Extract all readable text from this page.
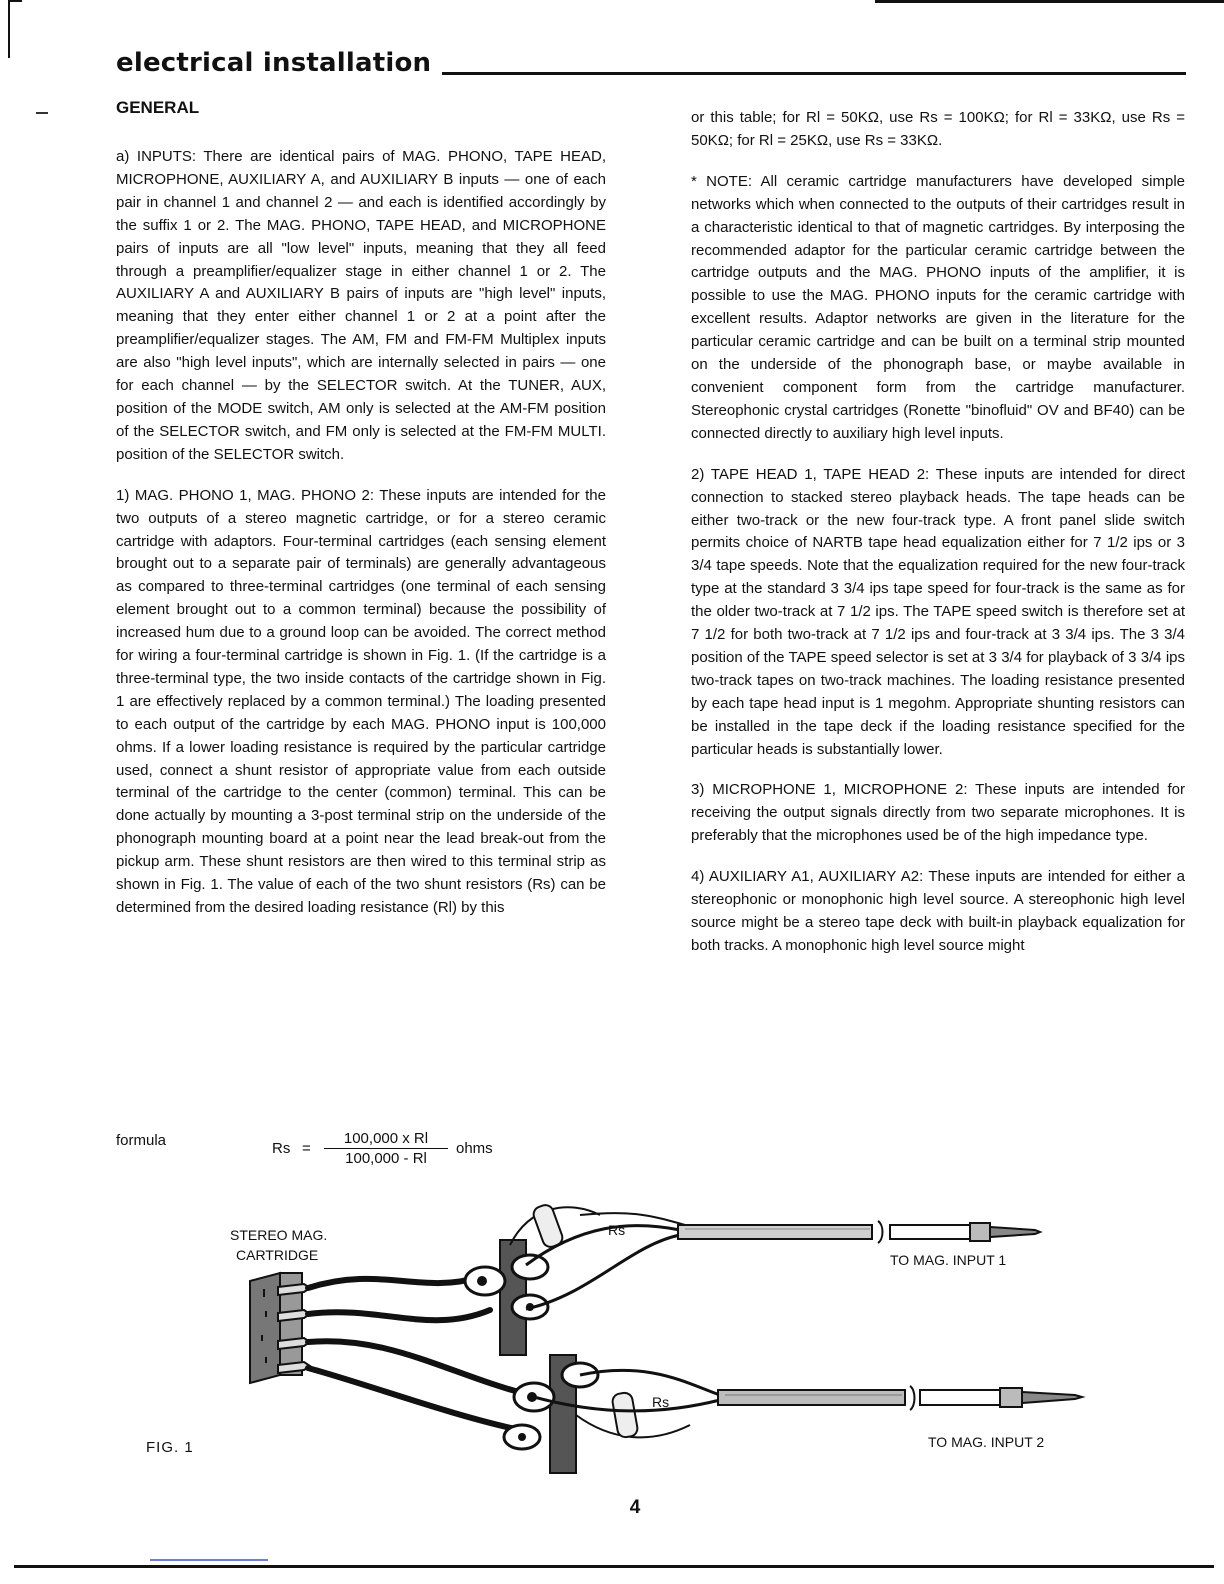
electrical installation
GENERAL

a) INPUTS: There are identical pairs of MAG. PHONO, TAPE HEAD, MICROPHONE, AUXILIARY A, and AUXILIARY B inputs — one of each pair in channel 1 and channel 2 — and each is identified accordingly by the suffix 1 or 2. The MAG. PHONO, TAPE HEAD, and MICROPHONE pairs of inputs are all "low level" inputs, meaning that they all feed through a preamplifier/equalizer stage in either channel 1 or 2. The AUXILIARY A and AUXILIARY B pairs of inputs are "high level" inputs, meaning that they enter either channel 1 or 2 at a point after the preamplifier/equalizer stages. The AM, FM and FM-FM Multiplex inputs are also "high level inputs", which are internally selected in pairs — one for each channel — by the SELECTOR switch. At the TUNER, AUX, position of the MODE switch, AM only is selected at the AM-FM position of the SELECTOR switch, and FM only is selected at the FM-FM MULTI. position of the SELECTOR switch.

1) MAG. PHONO 1, MAG. PHONO 2: These inputs are intended for the two outputs of a stereo magnetic cartridge, or for a stereo ceramic cartridge with adaptors. Four-terminal cartridges (each sensing element brought out to a separate pair of terminals) are generally advantageous as compared to three-terminal cartridges (one terminal of each sensing element brought out to a common terminal) because the possibility of increased hum due to a ground loop can be avoided. The correct method for wiring a four-terminal cartridge is shown in Fig. 1. (If the cartridge is a three-terminal type, the two inside contacts of the cartridge shown in Fig. 1 are effectively replaced by a common terminal.) The loading presented to each output of the cartridge by each MAG. PHONO input is 100,000 ohms. If a lower loading resistance is required by the particular cartridge used, connect a shunt resistor of appropriate value from each outside terminal of the cartridge to the center (common) terminal. This can be done actually by mounting a 3-post terminal strip on the underside of the phonograph mounting board at a point near the lead break-out from the pickup arm. These shunt resistors are then wired to this terminal strip as shown in Fig. 1. The value of each of the two shunt resistors (Rs) can be determined from the desired loading resistance (Rl) by this

formula	$Rs = \frac{\text{100,000 x Rl}}{100,000 - Rl}$ ohms

or this table; for Rl = 50KΩ, use Rs = 100KΩ; for Rl = 33KΩ, use Rs = 50KΩ; for Rl = 25KΩ, use Rs = 33KΩ.

* NOTE: All ceramic cartridge manufacturers have developed simple networks which when connected to the outputs of their cartridges result in a characteristic identical to that of magnetic cartridges. By interposing the recommended adaptor for the particular ceramic cartridge between the cartridge outputs and the MAG. PHONO inputs of the amplifier, it is possible to use the MAG. PHONO inputs for the ceramic cartridge with excellent results. Adaptor networks are given in the literature for the particular ceramic cartridge and can be built on a terminal strip mounted on the underside of the phonograph base, or maybe available in convenient component form from the cartridge manufacturer. Stereophonic crystal cartridges (Ronette "binofluid" OV and BF40) can be connected directly to auxiliary high level inputs.

2) TAPE HEAD 1, TAPE HEAD 2: These inputs are intended for direct connection to stacked stereo playback heads. The tape heads can be either two-track or the new four-track type. A front panel slide switch permits choice of NARTB tape head equalization either for 7 1/2 ips or 3 3/4 tape speeds. Note that the equalization required for the new four-track type at the standard 3 3/4 ips tape speed for four-track is the same as for the older two-track at 7 1/2 ips. The TAPE speed switch is therefore set at 7 1/2 for both two-track at 7 1/2 ips and four-track at 3 3/4 ips. The 3 3/4 position of the TAPE speed selector is set at 3 3/4 for playback of 3 3/4 ips two-track tapes on two-track machines. The loading resistance presented by each tape head input is 1 megohm. Appropriate shunting resistors can be installed in the tape deck if the loading resistance specified for the particular heads is substantially lower.

3) MICROPHONE 1, MICROPHONE 2: These inputs are intended for receiving the output signals directly from two separate microphones. It is preferably that the microphones used be of the high impedance type.

4) AUXILIARY A1, AUXILIARY A2: These inputs are intended for either a stereophonic or monophonic high level source. A stereophonic high level source might be a stereo tape deck with built-in playback equalization for both tracks. A monophonic high level source might

STEREO MAG.
CARTRIDGE
Rs
Rs
TO MAG. INPUT 1
TO MAG. INPUT 2
FIG. 1
4
